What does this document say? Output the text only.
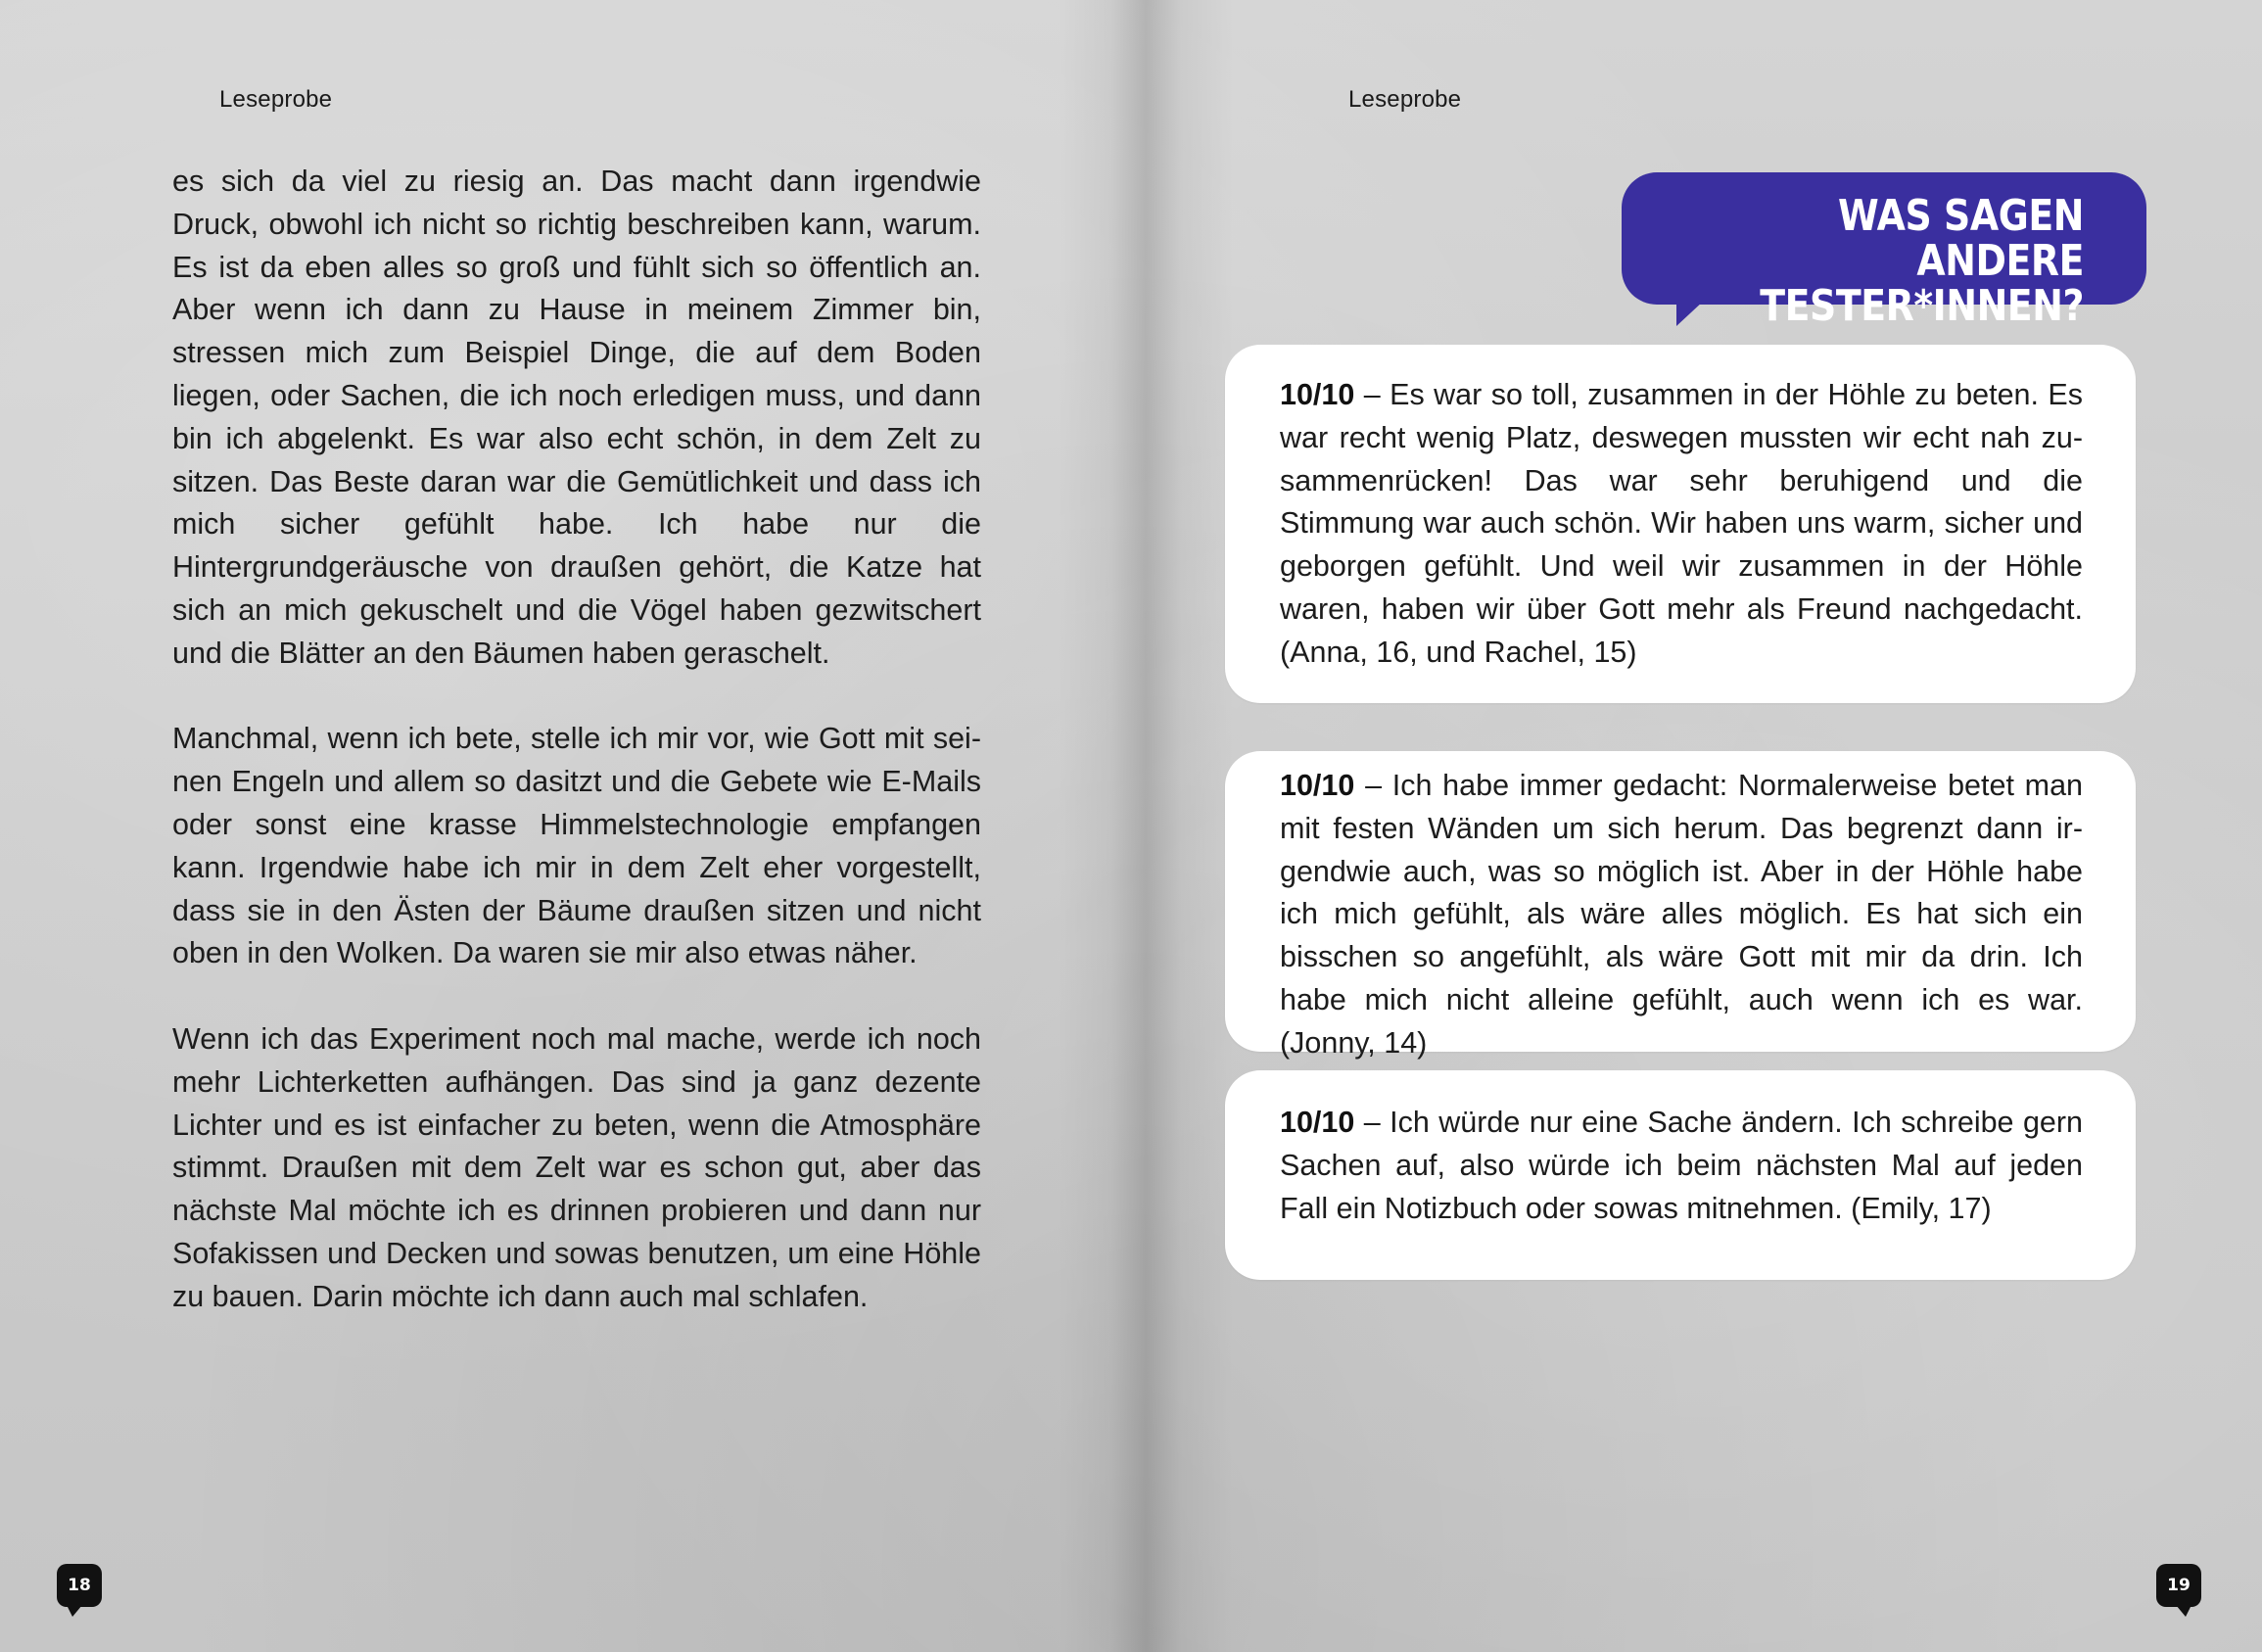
Leseprobe

es sich da viel zu riesig an. Das macht dann irgendwie Druck, obwohl ich nicht so richtig beschreiben kann, warum. Es ist da eben alles so groß und fühlt sich so öffentlich an. Aber wenn ich dann zu Hause in meinem Zimmer bin, stressen mich zum Beispiel Dinge, die auf dem Boden liegen, oder Sachen, die ich noch erledigen muss, und dann bin ich abgelenkt. Es war also echt schön, in dem Zelt zu sitzen. Das Beste daran war die Gemütlichkeit und dass ich mich sicher gefühlt habe. Ich habe nur die Hintergrundgeräusche von draußen gehört, die Katze hat sich an mich gekuschelt und die Vögel haben gezwitschert und die Blätter an den Bäumen haben geraschelt.

Manchmal, wenn ich bete, stelle ich mir vor, wie Gott mit seinen Engeln und allem so dasitzt und die Gebete wie E-Mails oder sonst eine krasse Himmelstechnologie empfangen kann. Irgendwie habe ich mir in dem Zelt eher vorgestellt, dass sie in den Ästen der Bäume draußen sitzen und nicht oben in den Wolken. Da waren sie mir also etwas näher.

Wenn ich das Experiment noch mal mache, werde ich noch mehr Lichterketten aufhängen. Das sind ja ganz dezente Lichter und es ist einfacher zu beten, wenn die Atmosphäre stimmt. Draußen mit dem Zelt war es schon gut, aber das nächste Mal möchte ich es drinnen probieren und dann nur Sofakissen und Decken und sowas benutzen, um eine Höhle zu bauen. Darin möchte ich dann auch mal schlafen.

18
Leseprobe
WAS SAGEN ANDERE
TESTER*INNEN?
10/10 – Es war so toll, zusammen in der Höhle zu beten. Es war recht wenig Platz, deswegen mussten wir echt nah zusammenrücken! Das war sehr beruhigend und die Stimmung war auch schön. Wir haben uns warm, sicher und geborgen gefühlt. Und weil wir zusammen in der Höhle waren, haben wir über Gott mehr als Freund nachgedacht. (Anna, 16, und Rachel, 15)
10/10 – Ich habe immer gedacht: Normalerweise betet man mit festen Wänden um sich herum. Das begrenzt dann irgendwie auch, was so möglich ist. Aber in der Höhle habe ich mich gefühlt, als wäre alles möglich. Es hat sich ein bisschen so angefühlt, als wäre Gott mit mir da drin. Ich habe mich nicht alleine gefühlt, auch wenn ich es war. (Jonny, 14)
10/10 – Ich würde nur eine Sache ändern. Ich schreibe gern Sachen auf, also würde ich beim nächsten Mal auf jeden Fall ein Notizbuch oder sowas mitnehmen. (Emily, 17)
19
